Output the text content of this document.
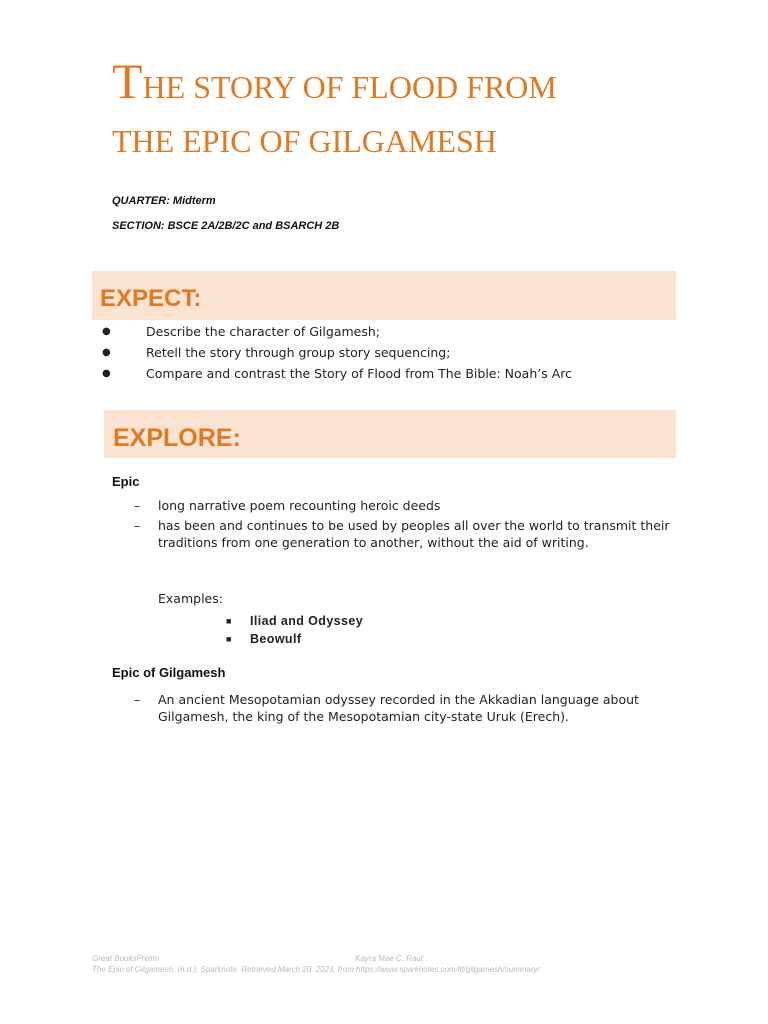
THE STORY OF FLOOD FROM
THE EPIC OF GILGAMESH
QUARTER: Midterm
SECTION: BSCE 2A/2B/2C and BSARCH 2B
EXPECT:
●	Describe the character of Gilgamesh;
●	Retell the story through group story sequencing;
●	Compare and contrast the Story of Flood from The Bible: Noah’s Arc
EXPLORE:
Epic
–	long narrative poem recounting heroic deeds
–	has been and continues to be used by peoples all over the world to transmit their traditions from one generation to another, without the aid of writing.
Examples:
■	Iliad and Odyssey
■	Beowulf
Epic of Gilgamesh
–	An ancient Mesopotamian odyssey recorded in the Akkadian language about Gilgamesh, the king of the Mesopotamian city-state Uruk (Erech).
Great BooksPrelim	Kayra Mae C. Raut
The Epic of Gilgamesh. (n.d.). Sparknote. Retrieved March 20, 2023, from https://www.sparknotes.com/lit/gilgamesh/summary/
